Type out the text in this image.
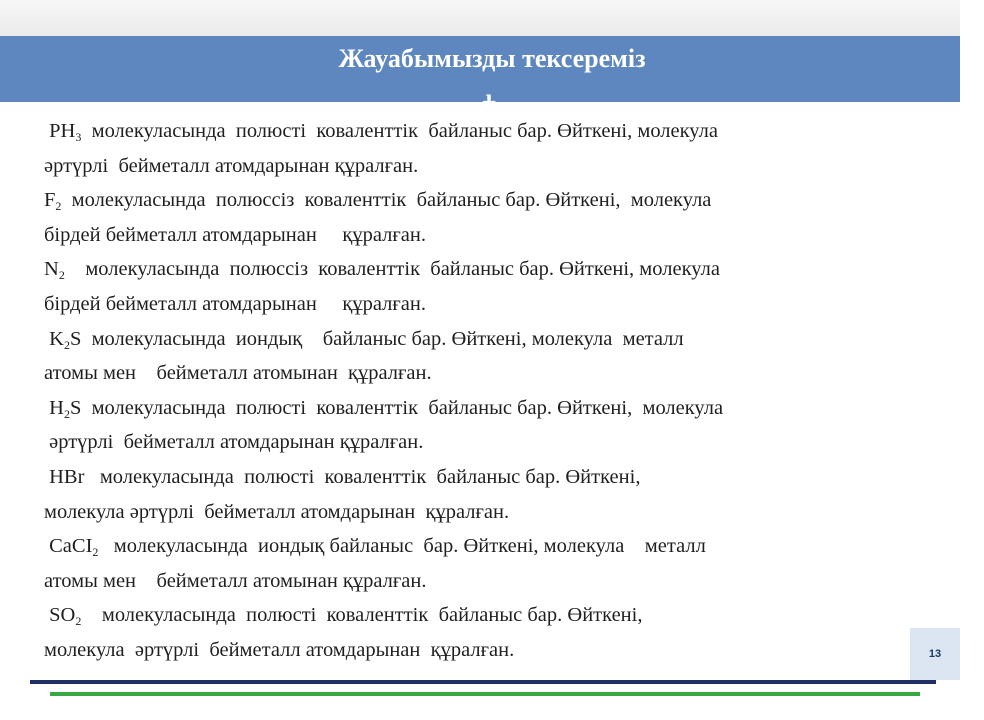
Жауабымызды тексереміз
$PH_3$  молекуласында  полюсті  коваленттік  байланыс бар. Өйткені, молекула
әртүрлі  бейметалл атомдарынан құралған.
$F_2$  молекуласында  полюссіз  коваленттік  байланыс бар. Өйткені,  молекула
бірдей бейметалл атомдарынан     құралған.
$N_2$    молекуласында  полюссіз  коваленттік  байланыс бар. Өйткені, молекула
бірдей бейметалл атомдарынан     құралған.
$K_2S$  молекуласында  иондық    байланыс бар. Өйткені, молекула  металл
атомы мен    бейметалл атомынан  құралған.
$H_2S$  молекуласында  полюсті  коваленттік  байланыс бар. Өйткені,  молекула
әртүрлі  бейметалл атомдарынан құралған.
HBr   молекуласында  полюсті  коваленттік  байланыс бар. Өйткені,
молекула әртүрлі  бейметалл атомдарынан  құралған.
CaCI$_2$   молекуласында  иондық байланыс  бар. Өйткені, молекула    металл
атомы мен    бейметалл атомынан құралған.
$SO_2$    молекуласында  полюсті  коваленттік  байланыс бар. Өйткені,
молекула  әртүрлі  бейметалл атомдарынан  құралған.	13
